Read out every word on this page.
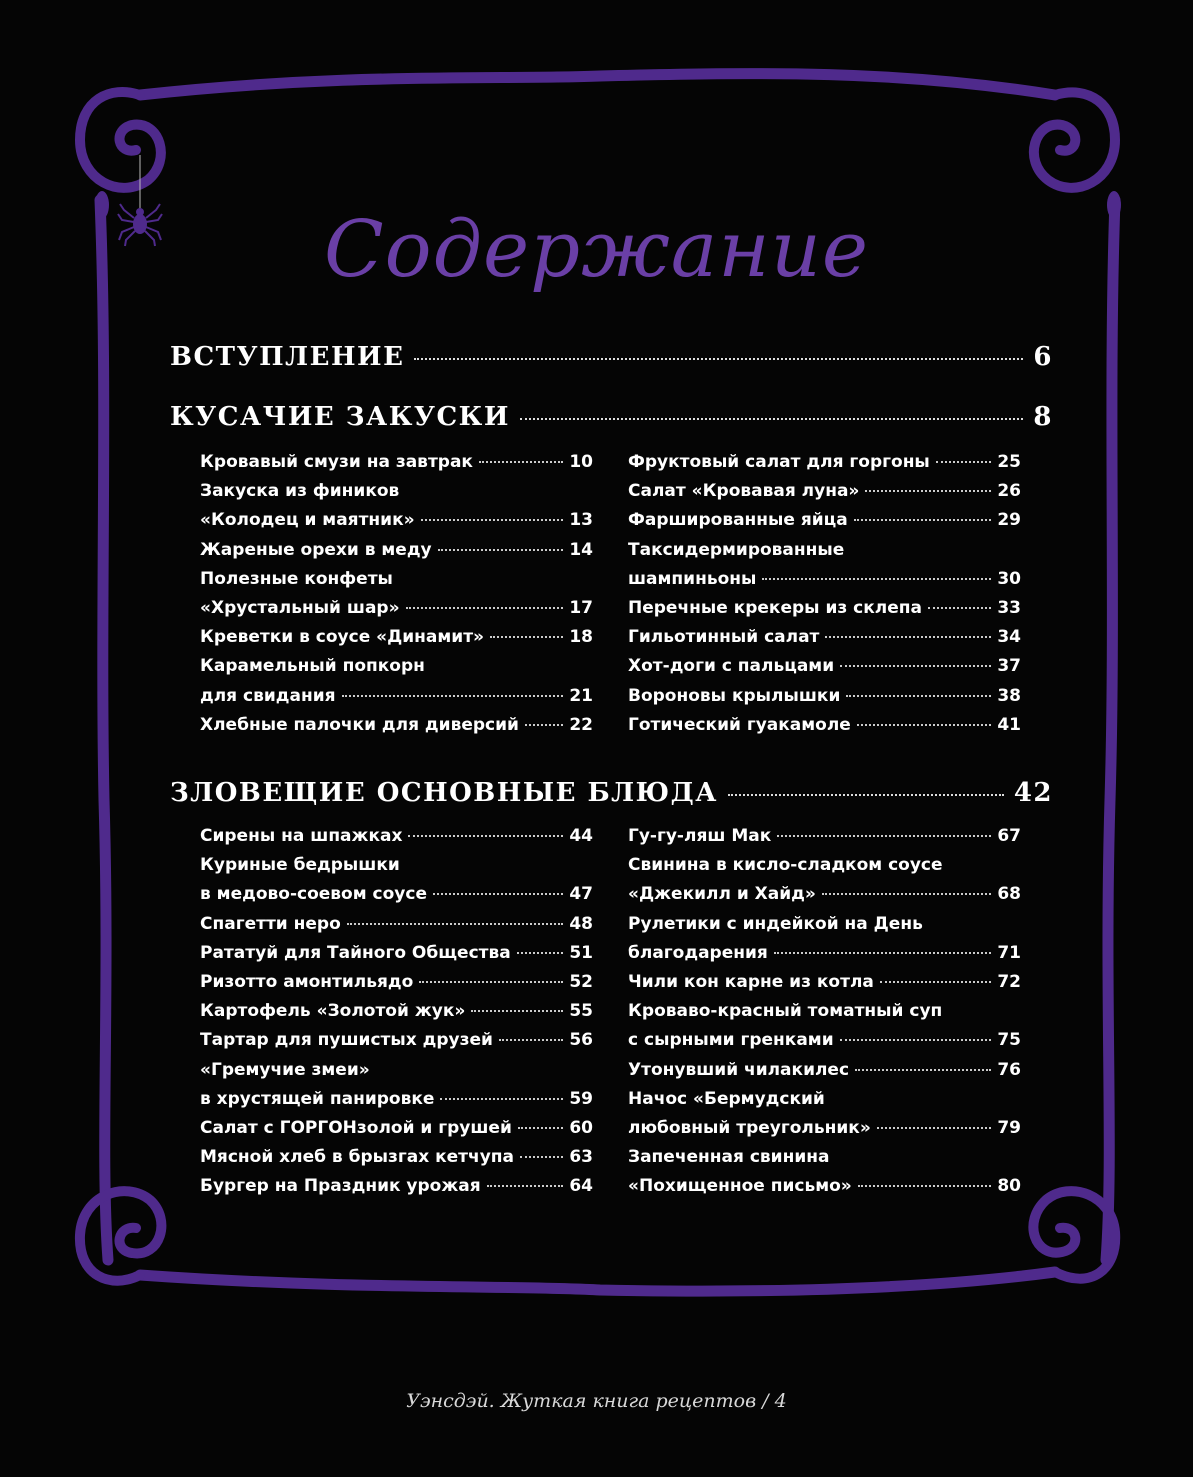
Содержание
ВСТУПЛЕНИЕ	6
КУСАЧИЕ ЗАКУСКИ	8
Кровавый смузи на завтрак	10
Закуска из фиников
«Колодец и маятник»	13
Жареные орехи в меду	14
Полезные конфеты
«Хрустальный шар»	17
Креветки в соусе «Динамит»	18
Карамельный попкорн
для свидания	21
Хлебные палочки для диверсий	22
Фруктовый салат для горгоны	25
Салат «Кровавая луна»	26
Фаршированные яйца	29
Таксидермированные
шампиньоны	30
Перечные крекеры из склепа	33
Гильотинный салат	34
Хот-доги с пальцами	37
Вороновы крылышки	38
Готический гуакамоле	41
ЗЛОВЕЩИЕ ОСНОВНЫЕ БЛЮДА	42
Сирены на шпажках	44
Куриные бедрышки
в медово-соевом соусе	47
Спагетти неро	48
Рататуй для Тайного Общества	51
Ризотто амонтильядо	52
Картофель «Золотой жук»	55
Тартар для пушистых друзей	56
«Гремучие змеи»
в хрустящей панировке	59
Салат с ГОРГОНзолой и грушей	60
Мясной хлеб в брызгах кетчупа	63
Бургер на Праздник урожая	64
Гу-гу-ляш Мак	67
Свинина в кисло-сладком соусе
«Джекилл и Хайд»	68
Рулетики с индейкой на День
благодарения	71
Чили кон карне из котла	72
Кроваво-красный томатный суп
с сырными гренками	75
Утонувший чилакилес	76
Начос «Бермудский
любовный треугольник»	79
Запеченная свинина
«Похищенное письмо»	80
Уэнсдэй. Жуткая книга рецептов / 4
